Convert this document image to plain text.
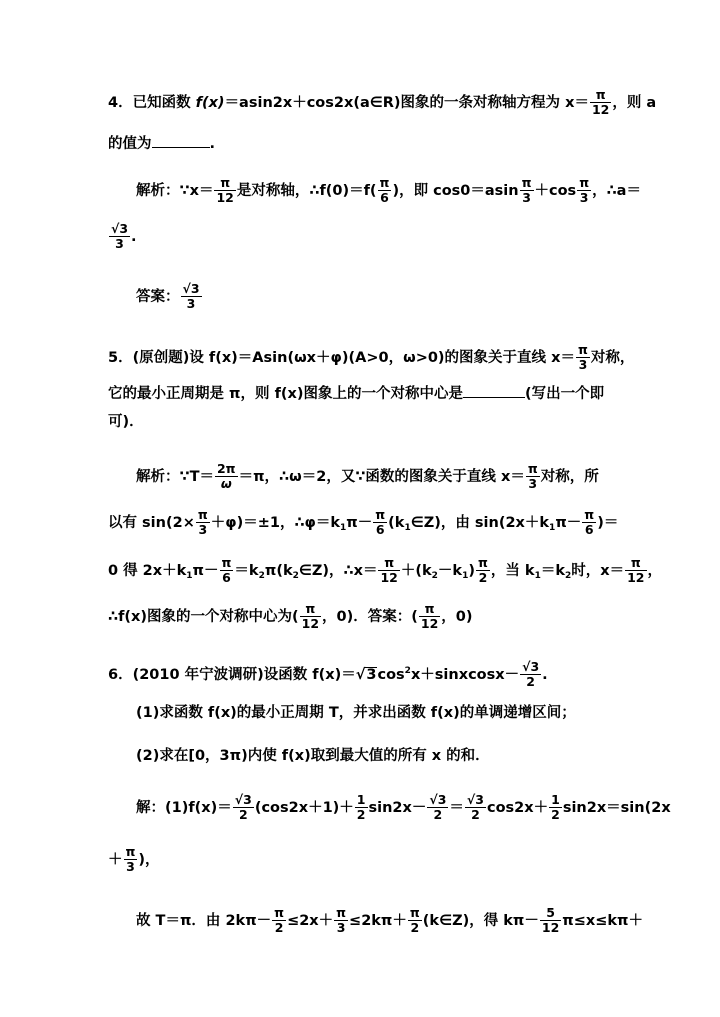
4．已知函数 f(x)＝asin2x＋cos2x(a∈R)图象的一条对称轴方程为 $x= \frac{\pi}{12}$ ，则 a
的值为	.
解析：∵x＝ $\frac{\pi}{12}$ 是对称轴，∴f(0)＝f( $\frac{\pi}{6}$ )，即 $\cos 0=asin \frac{\pi}{3} +\cos \frac{\pi}{3}$ ，∴a＝
$\frac{√3}{3}$ .
答案： $\frac{√3}{3}$
5．(原创题)设 f(x)＝Asin(ωx＋φ)(A>0，ω>0)的图象关于直线 $x= \frac{\pi}{3}$ 对称，
它的最小正周期是 π，则 f(x)图象上的一个对称中心是	(写出一个即
可)．
解析：∵T＝ $\frac{2\pi}{\omega} =\pi$，∴ω＝2，又∵函数的图象关于直线 $x= \frac{\pi}{3}$ 对称，所
以有 $\sin(2\times \frac{\pi}{3} +\varphi)=\pm 1$，$\therefore\varphi=k_1\pi- \frac{\pi}{6}$ $(k_1\in Z)$，由 $\sin(2x+k_1\pi- \frac{\pi}{6}$ )＝
0 得 $2x+k_1\pi- \frac{\pi}{6}$ $=k_2\pi(k_2\in Z)$，∴x＝ $\frac{\pi}{12} +(k_2-k_1) \frac{\pi}{2}$ ，当 $k_1=k_2$时，$x= \frac{\pi}{12}$ ，
∴f(x)图象的一个对称中心为( $\frac{\pi}{12}$ ，0)．答案：( $\frac{\pi}{12}$ ，0)
6．(2010 年宁波调研)设函数 $f(x)=√3\cos^2x+sinxcosx- \frac{√3}{2}$ .
(1)求函数 f(x)的最小正周期 T，并求出函数 f(x)的单调递增区间；
(2)求在[0，3π)内使 f(x)取到最大值的所有 x 的和．
解：$(1)f(x)= \frac{√3}{2} (\cos 2x+1)+ \frac{1}{2} \sin 2x- \frac{√3}{2} = \frac{√3}{2} \cos 2x+ \frac{1}{2} \sin 2x=\sin(2x$
＋ $\frac{\pi}{3}$ )，
故 T＝π．由 $2k\pi- \frac{\pi}{2} \le 2x+ \frac{\pi}{3} \le 2k\pi+ \frac{\pi}{2}$ (k∈Z)，得 $k\pi- \frac{5}{12} \pi\le x\le k\pi+$
